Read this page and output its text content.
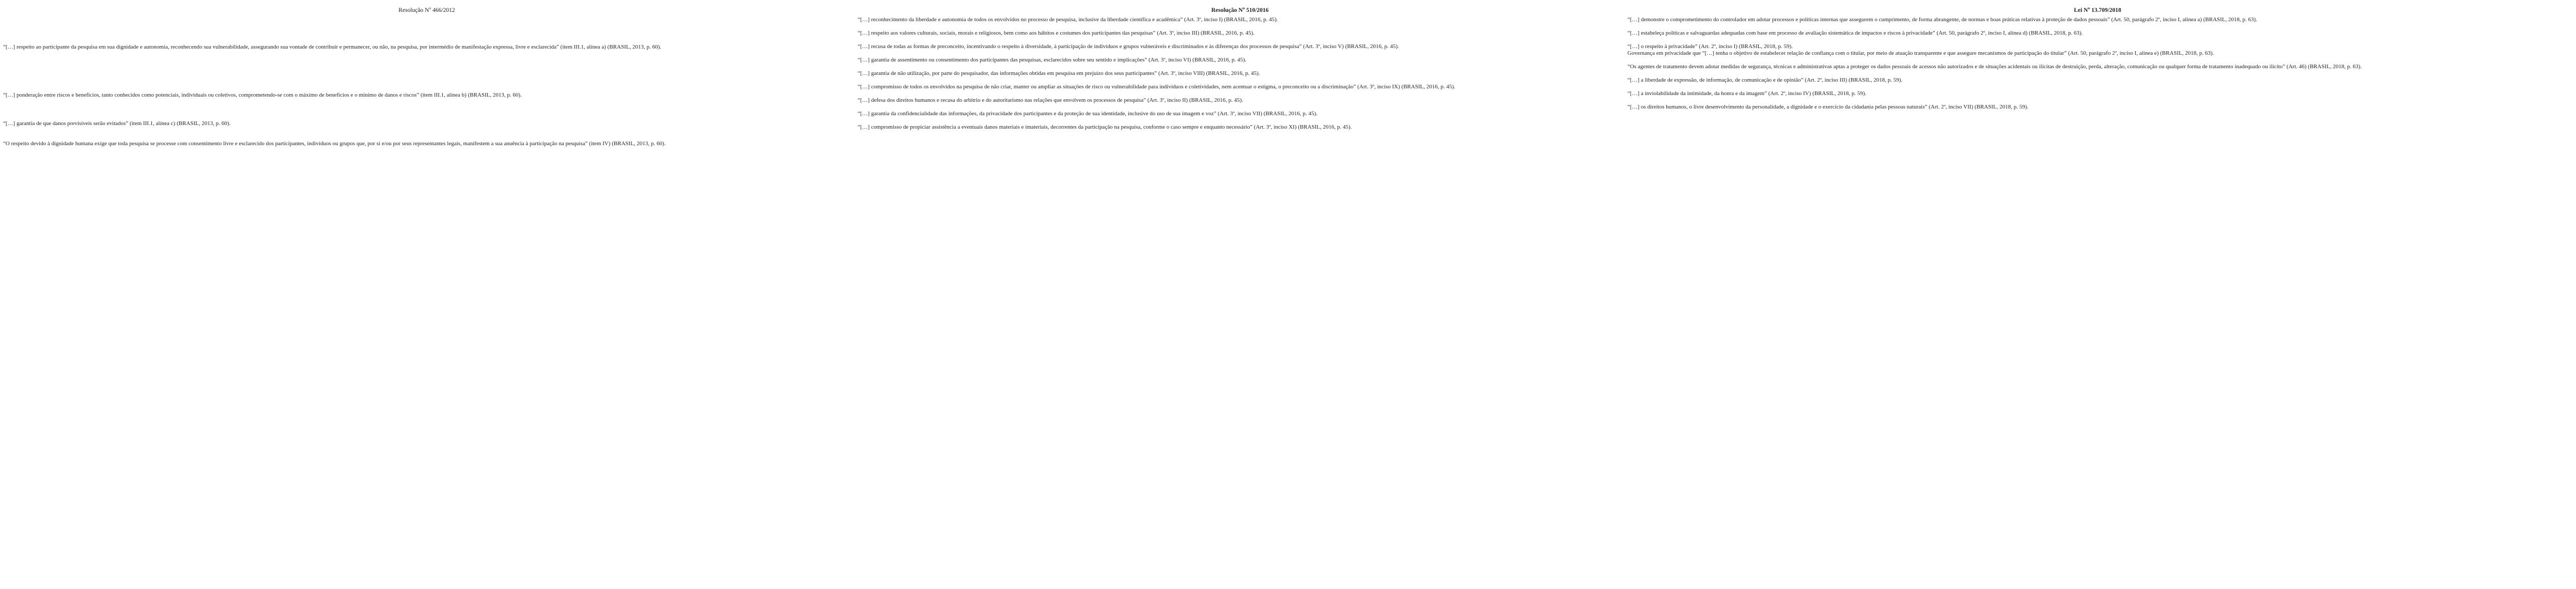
Resolução $N^o$ 466/2012

“[…] respeito ao participante da pesquisa em sua dignidade e autonomia, reconhecendo sua vulnerabilidade, assegurando sua vontade de contribuir e permanecer, ou não, na pesquisa, por intermédio de manifestação expressa, livre e esclarecida” (item III.1, alínea a) (BRASIL, 2013, p. 60).

“[…] ponderação entre riscos e benefícios, tanto conhecidos como potenciais, individuais ou coletivos, comprometendo-se com o máximo de benefícios e o mínimo de danos e riscos” (item III.1, alínea b) (BRASIL, 2013, p. 60).

“[…] garantia de que danos previsíveis serão evitados” (item III.1, alínea c) (BRASIL, 2013, p. 60).

“O respeito devido à dignidade humana exige que toda pesquisa se processe com consentimento livre e esclarecido dos participantes, indivíduos ou grupos que, por si e/ou por seus representantes legais, manifestem a sua anuência à participação na pesquisa” (item IV) (BRASIL, 2013, p. 60).

Resolução $N^o$ 510/2016

“[…] reconhecimento da liberdade e autonomia de todos os envolvidos no processo de pesquisa, inclusive da liberdade científica e acadêmica” (Art. 3º, inciso I) (BRASIL, 2016, p. 45).

“[…] respeito aos valores culturais, sociais, morais e religiosos, bem como aos hábitos e costumes dos participantes das pesquisas” (Art. 3º, inciso III) (BRASIL, 2016, p. 45).

“[…] recusa de todas as formas de preconceito, incentivando o respeito à diversidade, à participação de indivíduos e grupos vulneráveis e discriminados e às diferenças dos processos de pesquisa” (Art. 3º, inciso V) (BRASIL, 2016, p. 45).

“[…] garantia de assentimento ou consentimento dos participantes das pesquisas, esclarecidos sobre seu sentido e implicações” (Art. 3º, inciso VI) (BRASIL, 2016, p. 45).

“[…] garantia de não utilização, por parte do pesquisador, das informações obtidas em pesquisa em prejuízo dos seus participantes” (Art. 3º, inciso VIII) (BRASIL, 2016, p. 45).

“[…] compromisso de todos os envolvidos na pesquisa de não criar, manter ou ampliar as situações de risco ou vulnerabilidade para indivíduos e coletividades, nem acentuar o estigma, o preconceito ou a discriminação” (Art. 3º, inciso IX) (BRASIL, 2016, p. 45).

“[…] defesa dos direitos humanos e recusa do arbítrio e do autoritarismo nas relações que envolvem os processos de pesquisa” (Art. 3º, inciso II) (BRASIL, 2016, p. 45).

“[…] garantia da confidencialidade das informações, da privacidade dos participantes e da proteção de sua identidade, inclusive do uso de sua imagem e voz” (Art. 3º, inciso VII) (BRASIL, 2016, p. 45).

“[…] compromisso de propiciar assistência a eventuais danos materiais e imateriais, decorrentes da participação na pesquisa, conforme o caso sempre e enquanto necessário” (Art. 3º, inciso XI) (BRASIL, 2016, p. 45).

Lei $N^o$ 13.709/2018

“[…] demonstre o comprometimento do controlador em adotar processos e políticas internas que assegurem o cumprimento, de forma abrangente, de normas e boas práticas relativas à proteção de dados pessoais” (Art. 50, parágrafo 2º, inciso I, alínea a) (BRASIL, 2018, p. 63).

“[…] estabeleça políticas e salvaguardas adequadas com base em processo de avaliação sistemática de impactos e riscos à privacidade” (Art. 50, parágrafo 2º, inciso I, alínea d) (BRASIL, 2018, p. 63).

“[…] o respeito à privacidade” (Art. 2º, inciso I) (BRASIL, 2018, p. 59).

Governança em privacidade que “[…] tenha o objetivo de estabelecer relação de confiança com o titular, por meio de atuação transparente e que assegure mecanismos de participação do titular” (Art. 50, parágrafo 2º, inciso I, alínea e) (BRASIL, 2018, p. 63).

“Os agentes de tratamento devem adotar medidas de segurança, técnicas e administrativas aptas a proteger os dados pessoais de acessos não autorizados e de situações acidentais ou ilícitas de destruição, perda, alteração, comunicação ou qualquer forma de tratamento inadequado ou ilícito” (Art. 46) (BRASIL, 2018, p. 63).

“[…] a liberdade de expressão, de informação, de comunicação e de opinião” (Art. 2º, inciso III) (BRASIL, 2018, p. 59).

“[…] a inviolabilidade da intimidade, da honra e da imagem” (Art. 2º, inciso IV) (BRASIL, 2018, p. 59).

“[…] os direitos humanos, o livre desenvolvimento da personalidade, a dignidade e o exercício da cidadania pelas pessoas naturais” (Art. 2º, inciso VII) (BRASIL, 2018, p. 59).
